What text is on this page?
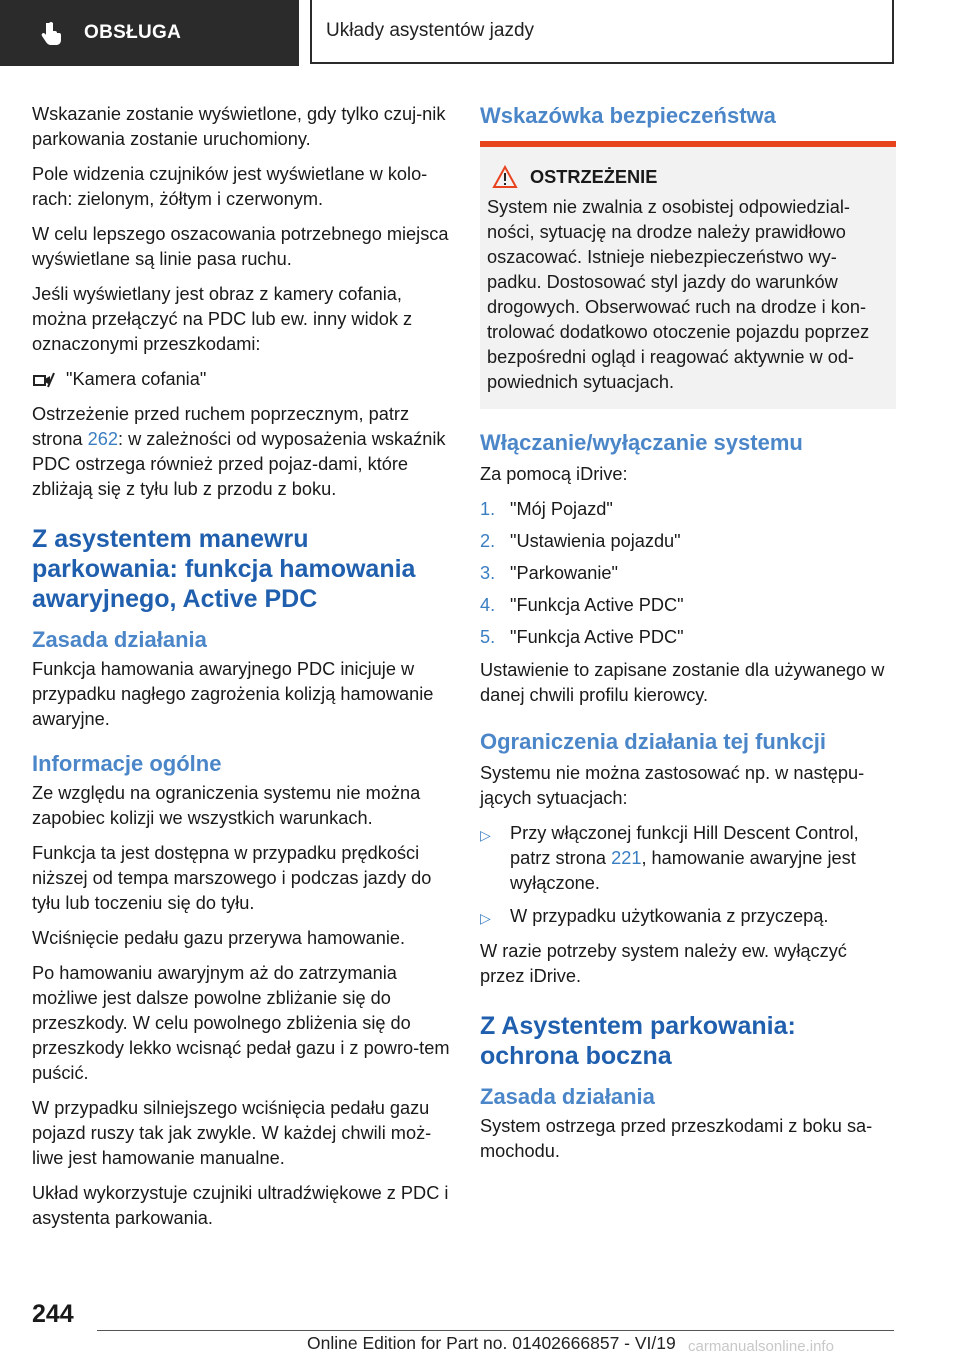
OBSŁUGA	Układy asystentów jazdy

Wskazanie zostanie wyświetlone, gdy tylko czuj‐nik parkowania zostanie uruchomiony.

Pole widzenia czujników jest wyświetlane w kolo‐rach: zielonym, żółtym i czerwonym.

W celu lepszego oszacowania potrzebnego miejsca wyświetlane są linie pasa ruchu.

Jeśli wyświetlany jest obraz z kamery cofania, można przełączyć na PDC lub ew. inny widok z oznaczonymi przeszkodami:

"Kamera cofania"

Ostrzeżenie przed ruchem poprzecznym, patrz strona 262: w zależności od wyposażenia wskaźnik PDC ostrzega również przed pojaz‐dami, które zbliżają się z tyłu lub z przodu z boku.

Z asystentem manewru parkowania: funkcja hamowania awaryjnego, Active PDC
Zasada działania

Funkcja hamowania awaryjnego PDC inicjuje w przypadku nagłego zagrożenia kolizją hamowanie awaryjne.

Informacje ogólne

Ze względu na ograniczenia systemu nie można zapobiec kolizji we wszystkich warunkach.

Funkcja ta jest dostępna w przypadku prędkości niższej od tempa marszowego i podczas jazdy do tyłu lub toczeniu się do tyłu.

Wciśnięcie pedału gazu przerywa hamowanie.

Po hamowaniu awaryjnym aż do zatrzymania możliwe jest dalsze powolne zbliżanie się do przeszkody. W celu powolnego zbliżenia się do przeszkody lekko wcisnąć pedał gazu i z powro‐tem puścić.

W przypadku silniejszego wciśnięcia pedału gazu pojazd ruszy tak jak zwykle. W każdej chwili moż‐liwe jest hamowanie manualne.

Układ wykorzystuje czujniki ultradźwiękowe z PDC i asystenta parkowania.

Wskazówka bezpieczeństwa
OSTRZEŻENIE

System nie zwalnia z osobistej odpowiedzial‐ności, sytuację na drodze należy prawidłowo oszacować. Istnieje niebezpieczeństwo wy‐padku. Dostosować styl jazdy do warunków drogowych. Obserwować ruch na drodze i kon‐trolować dodatkowo otoczenie pojazdu poprzez bezpośredni ogląd i reagować aktywnie w od‐powiednich sytuacjach.

Włączanie/wyłączanie systemu

Za pomocą iDrive:

1. "Mój Pojazd"
2. "Ustawienia pojazdu"
3. "Parkowanie"
4. "Funkcja Active PDC"
5. "Funkcja Active PDC"

Ustawienie to zapisane zostanie dla używanego w danej chwili profilu kierowcy.

Ograniczenia działania tej funkcji

Systemu nie można zastosować np. w następu‐jących sytuacjach:

▷	Przy włączonej funkcji Hill Descent Control, patrz strona 221, hamowanie awaryjne jest wyłączone.
▷	W przypadku użytkowania z przyczepą.

W razie potrzeby system należy ew. wyłączyć przez iDrive.

Z Asystentem parkowania: ochrona boczna
Zasada działania

System ostrzega przed przeszkodami z boku sa‐mochodu.

244
Online Edition for Part no. 01402666857 - VI/19 carmanualsonline.info
